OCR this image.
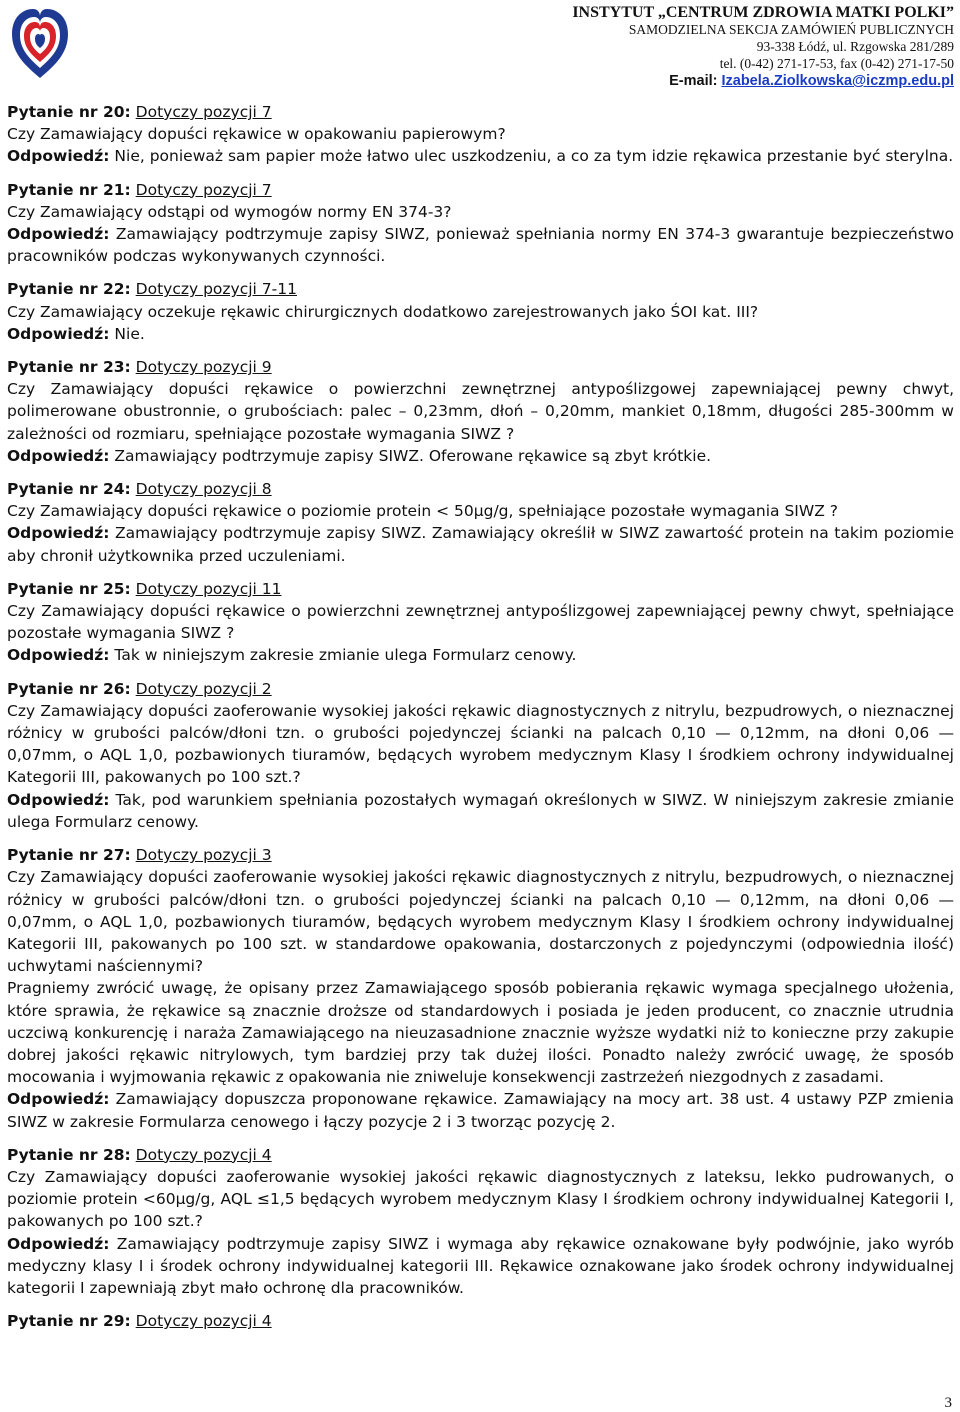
INSTYTUT „CENTRUM ZDROWIA MATKI POLKI”
SAMODZIELNA SEKCJA ZAMÓWIEŃ PUBLICZNYCH
93-338 Łódź, ul. Rzgowska 281/289
tel. (0-42) 271-17-53, fax (0-42) 271-17-50
E-mail: Izabela.Ziolkowska@iczmp.edu.pl

Pytanie nr 20: Dotyczy pozycji 7

Czy Zamawiający dopuści rękawice w opakowaniu papierowym?

Odpowiedź: Nie, ponieważ sam papier może łatwo ulec uszkodzeniu, a co za tym idzie rękawica przestanie być sterylna.

Pytanie nr 21: Dotyczy pozycji 7

Czy Zamawiający odstąpi od wymogów normy EN 374-3?

Odpowiedź: Zamawiający podtrzymuje zapisy SIWZ, ponieważ spełniania normy EN 374-3 gwarantuje bezpieczeństwo pracowników podczas wykonywanych czynności.

Pytanie nr 22: Dotyczy pozycji 7-11

Czy Zamawiający oczekuje rękawic chirurgicznych dodatkowo zarejestrowanych jako ŚOI kat. III?

Odpowiedź: Nie.

Pytanie nr 23: Dotyczy pozycji 9

Czy Zamawiający dopuści rękawice o powierzchni zewnętrznej antypoślizgowej zapewniającej pewny chwyt, polimerowane obustronnie, o grubościach: palec – 0,23mm, dłoń – 0,20mm, mankiet 0,18mm, długości 285-300mm w zależności od rozmiaru, spełniające pozostałe wymagania SIWZ ?

Odpowiedź: Zamawiający podtrzymuje zapisy SIWZ. Oferowane rękawice są zbyt krótkie.

Pytanie nr 24: Dotyczy pozycji 8

Czy Zamawiający dopuści rękawice o poziomie protein < 50µg/g, spełniające pozostałe wymagania SIWZ ?

Odpowiedź: Zamawiający podtrzymuje zapisy SIWZ. Zamawiający określił w SIWZ zawartość protein na takim poziomie aby chronił użytkownika przed uczuleniami.

Pytanie nr 25: Dotyczy pozycji 11

Czy Zamawiający dopuści rękawice o powierzchni zewnętrznej antypoślizgowej zapewniającej pewny chwyt, spełniające pozostałe wymagania SIWZ ?

Odpowiedź: Tak w niniejszym zakresie zmianie ulega Formularz cenowy.

Pytanie nr 26: Dotyczy pozycji 2

Czy Zamawiający dopuści zaoferowanie wysokiej jakości rękawic diagnostycznych z nitrylu, bezpudrowych, o nieznacznej różnicy w grubości palców/dłoni tzn. o grubości pojedynczej ścianki na palcach 0,10 — 0,12mm, na dłoni 0,06 — 0,07mm, o AQL 1,0, pozbawionych tiuramów, będących wyrobem medycznym Klasy I środkiem ochrony indywidualnej Kategorii III, pakowanych po 100 szt.?

Odpowiedź: Tak, pod warunkiem spełniania pozostałych wymagań określonych w SIWZ. W niniejszym zakresie zmianie ulega Formularz cenowy.

Pytanie nr 27: Dotyczy pozycji 3

Czy Zamawiający dopuści zaoferowanie wysokiej jakości rękawic diagnostycznych z nitrylu, bezpudrowych, o nieznacznej różnicy w grubości palców/dłoni tzn. o grubości pojedynczej ścianki na palcach 0,10 — 0,12mm, na dłoni 0,06 — 0,07mm, o AQL 1,0, pozbawionych tiuramów, będących wyrobem medycznym Klasy I środkiem ochrony indywidualnej Kategorii III, pakowanych po 100 szt. w standardowe opakowania, dostarczonych z pojedynczymi (odpowiednia ilość) uchwytami naściennymi?

Pragniemy zwrócić uwagę, że opisany przez Zamawiającego sposób pobierania rękawic wymaga specjalnego ułożenia, które sprawia, że rękawice są znacznie droższe od standardowych i posiada je jeden producent, co znacznie utrudnia uczciwą konkurencję i naraża Zamawiającego na nieuzasadnione znacznie wyższe wydatki niż to konieczne przy zakupie dobrej jakości rękawic nitrylowych, tym bardziej przy tak dużej ilości. Ponadto należy zwrócić uwagę, że sposób mocowania i wyjmowania rękawic z opakowania nie zniweluje konsekwencji zastrzeżeń niezgodnych z zasadami.

Odpowiedź: Zamawiający dopuszcza proponowane rękawice. Zamawiający na mocy art. 38 ust. 4 ustawy PZP zmienia SIWZ w zakresie Formularza cenowego i łączy pozycje 2 i 3 tworząc pozycję 2.

Pytanie nr 28: Dotyczy pozycji 4

Czy Zamawiający dopuści zaoferowanie wysokiej jakości rękawic diagnostycznych z lateksu, lekko pudrowanych, o poziomie protein <60µg/g, AQL ≤1,5 będących wyrobem medycznym Klasy I środkiem ochrony indywidualnej Kategorii I, pakowanych po 100 szt.?

Odpowiedź: Zamawiający podtrzymuje zapisy SIWZ i wymaga aby rękawice oznakowane były podwójnie, jako wyrób medyczny klasy I i środek ochrony indywidualnej kategorii III. Rękawice oznakowane jako środek ochrony indywidualnej kategorii I zapewniają zbyt mało ochronę dla pracowników.

Pytanie nr 29: Dotyczy pozycji 4

3
